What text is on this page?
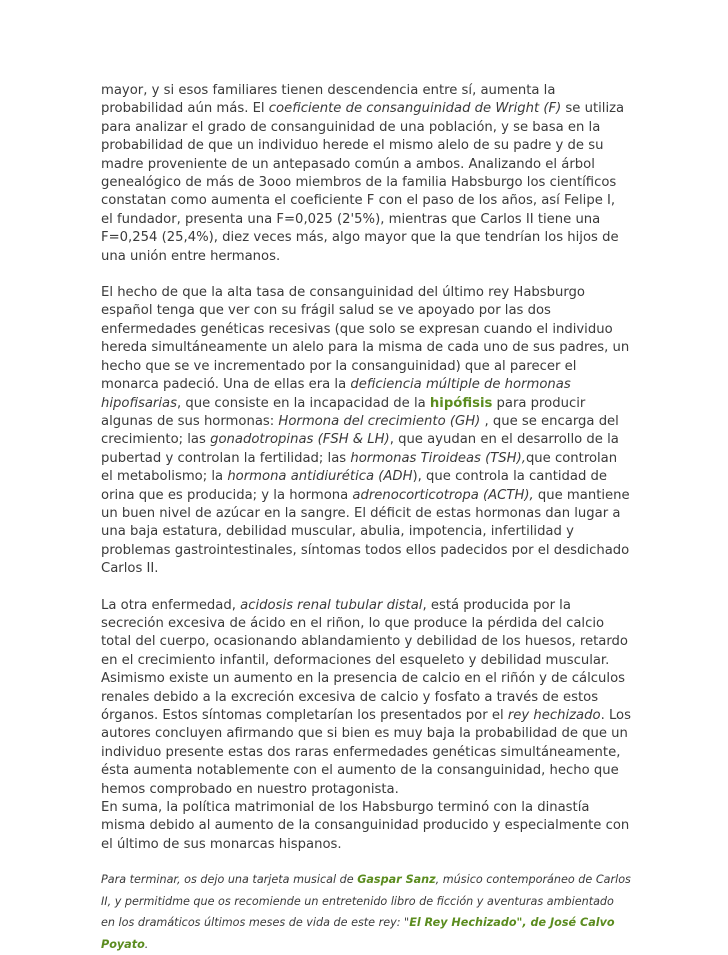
mayor, y si esos familiares tienen descendencia entre sí, aumenta la probabilidad aún más. El coeficiente de consanguinidad de Wright (F) se utiliza para analizar el grado de consanguinidad de una población, y se basa en la probabilidad de que un individuo herede el mismo alelo de su padre y de su madre proveniente de un antepasado común a ambos. Analizando el árbol genealógico de más de 3ooo miembros de la familia Habsburgo los científicos constatan como aumenta el coeficiente F con el paso de los años, así Felipe I, el fundador, presenta una F=0,025 (2'5%), mientras que Carlos II tiene una F=0,254 (25,4%), diez veces más, algo mayor que la que tendrían los hijos de una unión entre hermanos.

El hecho de que la alta tasa de consanguinidad del último rey Habsburgo español tenga que ver con su frágil salud se ve apoyado por las dos enfermedades genéticas recesivas (que solo se expresan cuando el individuo hereda simultáneamente un alelo para la misma de cada uno de sus padres, un hecho que se ve incrementado por la consanguinidad) que al parecer el monarca padeció. Una de ellas era la deficiencia múltiple de hormonas hipofisarias, que consiste en la incapacidad de la hipófisis para producir algunas de sus hormonas: Hormona del crecimiento (GH) , que se encarga del crecimiento; las gonadotropinas (FSH & LH), que ayudan en el desarrollo de la pubertad y controlan la fertilidad; las hormonas Tiroideas (TSH),que controlan el metabolismo; la hormona antidiurética (ADH), que controla la cantidad de orina que es producida; y la hormona adrenocorticotropa (ACTH), que mantiene un buen nivel de azúcar en la sangre. El déficit de estas hormonas dan lugar a una baja estatura, debilidad muscular, abulia, impotencia, infertilidad y problemas gastrointestinales, síntomas todos ellos padecidos por el desdichado Carlos II.

La otra enfermedad, acidosis renal tubular distal, está producida por la secreción excesiva de ácido en el riñon, lo que produce la pérdida del calcio total del cuerpo, ocasionando ablandamiento y debilidad de los huesos, retardo en el crecimiento infantil, deformaciones del esqueleto y debilidad muscular. Asimismo existe un aumento en la presencia de calcio en el riñón y de cálculos renales debido a la excreción excesiva de calcio y fosfato a través de estos órganos. Estos síntomas completarían los presentados por el rey hechizado. Los autores concluyen afirmando que si bien es muy baja la probabilidad de que un individuo presente estas dos raras enfermedades genéticas simultáneamente, ésta aumenta notablemente con el aumento de la consanguinidad, hecho que hemos comprobado en nuestro protagonista.

En suma, la política matrimonial de los Habsburgo terminó con la dinastía misma debido al aumento de la consanguinidad producido y especialmente con el último de sus monarcas hispanos.

Para terminar, os dejo una tarjeta musical de Gaspar Sanz, músico contemporáneo de Carlos II, y permitidme que os recomiende un entretenido libro de ficción y aventuras ambientado en los dramáticos últimos meses de vida de este rey: "El Rey Hechizado", de José Calvo Poyato.
